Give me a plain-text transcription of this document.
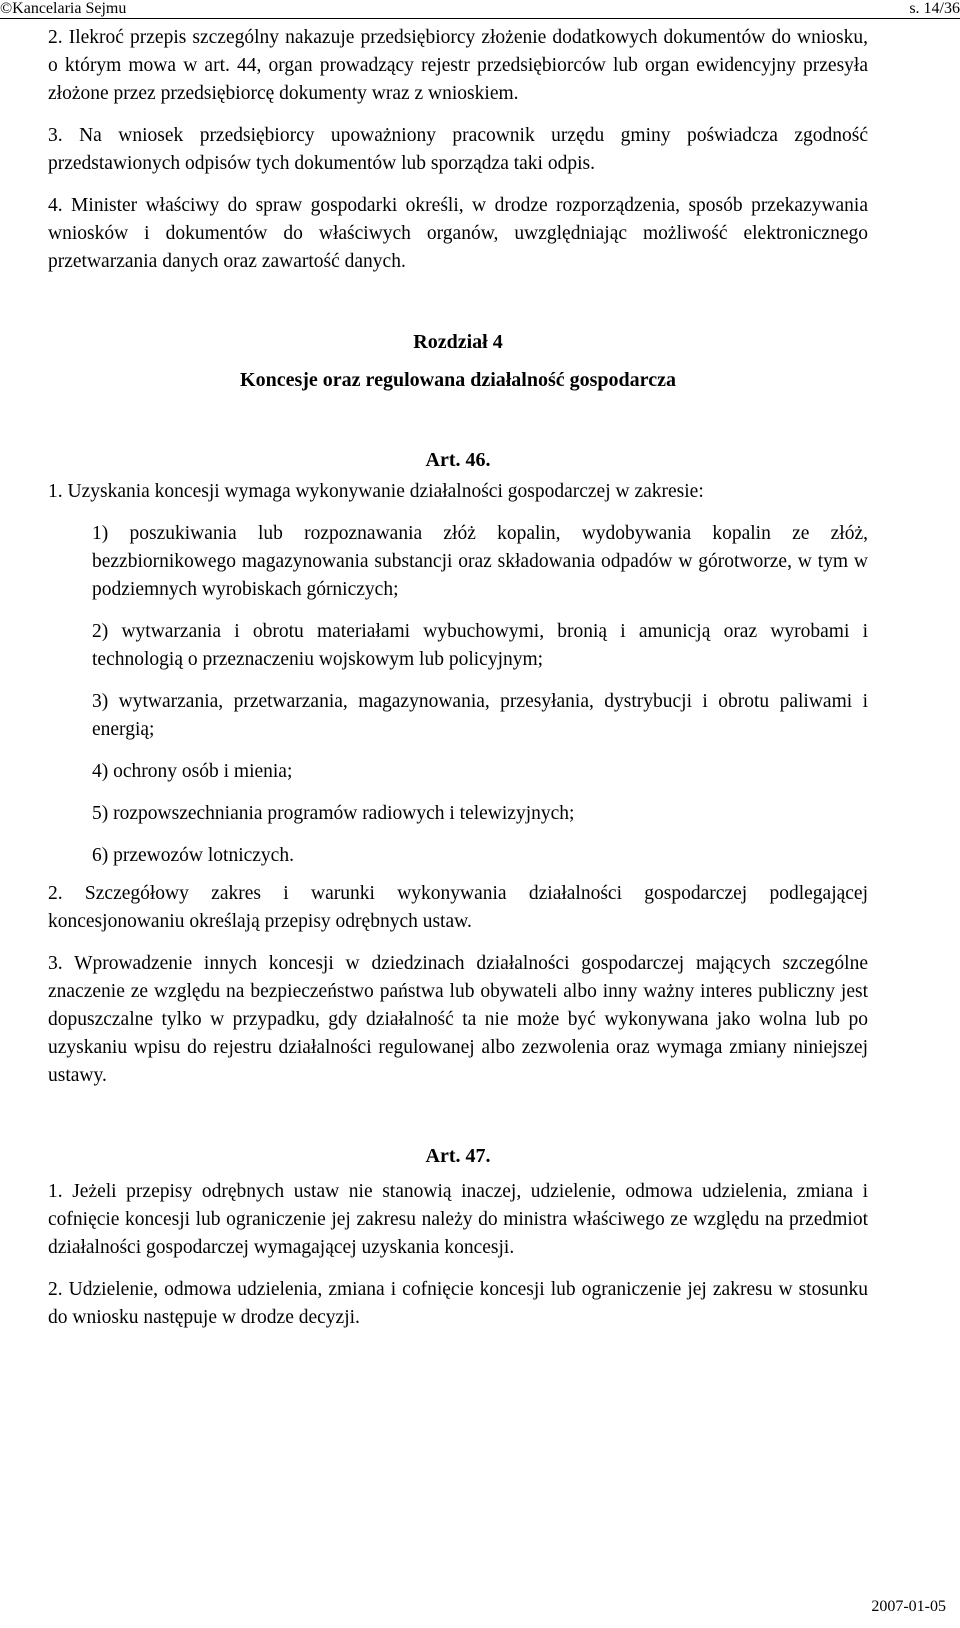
©Kancelaria Sejmu	s. 14/36

2. Ilekroć przepis szczególny nakazuje przedsiębiorcy złożenie dodatkowych dokumentów do wniosku, o którym mowa w art. 44, organ prowadzący rejestr przedsiębiorców lub organ ewidencyjny przesyła złożone przez przedsiębiorcę dokumenty wraz z wnioskiem.

3. Na wniosek przedsiębiorcy upoważniony pracownik urzędu gminy poświadcza zgodność przedstawionych odpisów tych dokumentów lub sporządza taki odpis.

4. Minister właściwy do spraw gospodarki określi, w drodze rozporządzenia, sposób przekazywania wniosków i dokumentów do właściwych organów, uwzględniając możliwość elektronicznego przetwarzania danych oraz zawartość danych.

Rozdział 4

Koncesje oraz regulowana działalność gospodarcza

Art. 46.

1. Uzyskania koncesji wymaga wykonywanie działalności gospodarczej w zakresie:

1) poszukiwania lub rozpoznawania złóż kopalin, wydobywania kopalin ze złóż, bezzbiornikowego magazynowania substancji oraz składowania odpadów w górotworze, w tym w podziemnych wyrobiskach górniczych;

2) wytwarzania i obrotu materiałami wybuchowymi, bronią i amunicją oraz wyrobami i technologią o przeznaczeniu wojskowym lub policyjnym;

3) wytwarzania, przetwarzania, magazynowania, przesyłania, dystrybucji i obrotu paliwami i energią;

4) ochrony osób i mienia;

5) rozpowszechniania programów radiowych i telewizyjnych;

6) przewozów lotniczych.

2. Szczegółowy zakres i warunki wykonywania działalności gospodarczej podlegającej koncesjonowaniu określają przepisy odrębnych ustaw.

3. Wprowadzenie innych koncesji w dziedzinach działalności gospodarczej mających szczególne znaczenie ze względu na bezpieczeństwo państwa lub obywateli albo inny ważny interes publiczny jest dopuszczalne tylko w przypadku, gdy działalność ta nie może być wykonywana jako wolna lub po uzyskaniu wpisu do rejestru działalności regulowanej albo zezwolenia oraz wymaga zmiany niniejszej ustawy.

Art. 47.

1. Jeżeli przepisy odrębnych ustaw nie stanowią inaczej, udzielenie, odmowa udzielenia, zmiana i cofnięcie koncesji lub ograniczenie jej zakresu należy do ministra właściwego ze względu na przedmiot działalności gospodarczej wymagającej uzyskania koncesji.

2. Udzielenie, odmowa udzielenia, zmiana i cofnięcie koncesji lub ograniczenie jej zakresu w stosunku do wniosku następuje w drodze decyzji.

2007-01-05
